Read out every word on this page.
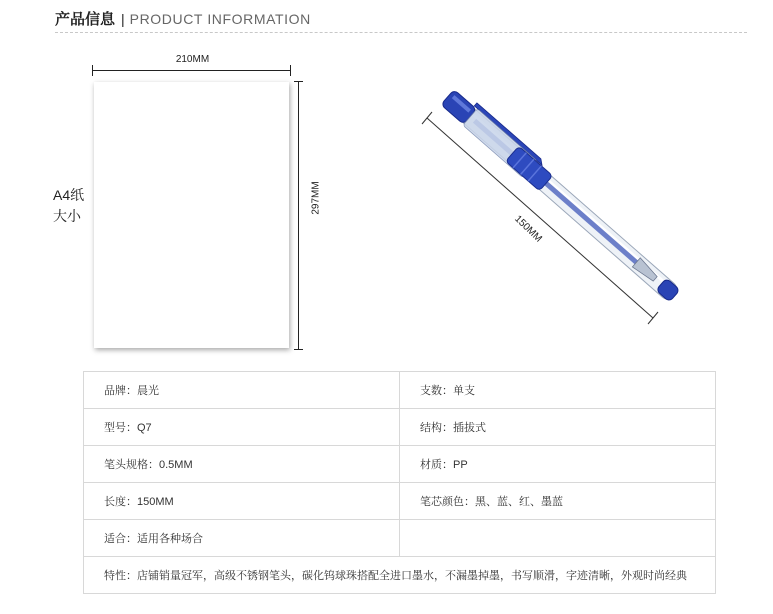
产品信息 | PRODUCT INFORMATION
210MM
297MM
A4纸
大小	150MM
品牌：晨光	支数：单支
型号：Q7	结构：插拔式
笔头规格：0.5MM	材质：PP
长度：150MM	笔芯颜色：黑、蓝、红、墨蓝
适合：适用各种场合	
特性：店铺销量冠军，高级不锈钢笔头，碳化钨球珠搭配全进口墨水，不漏墨掉墨，书写顺滑，字迹清晰，外观时尚经典	
